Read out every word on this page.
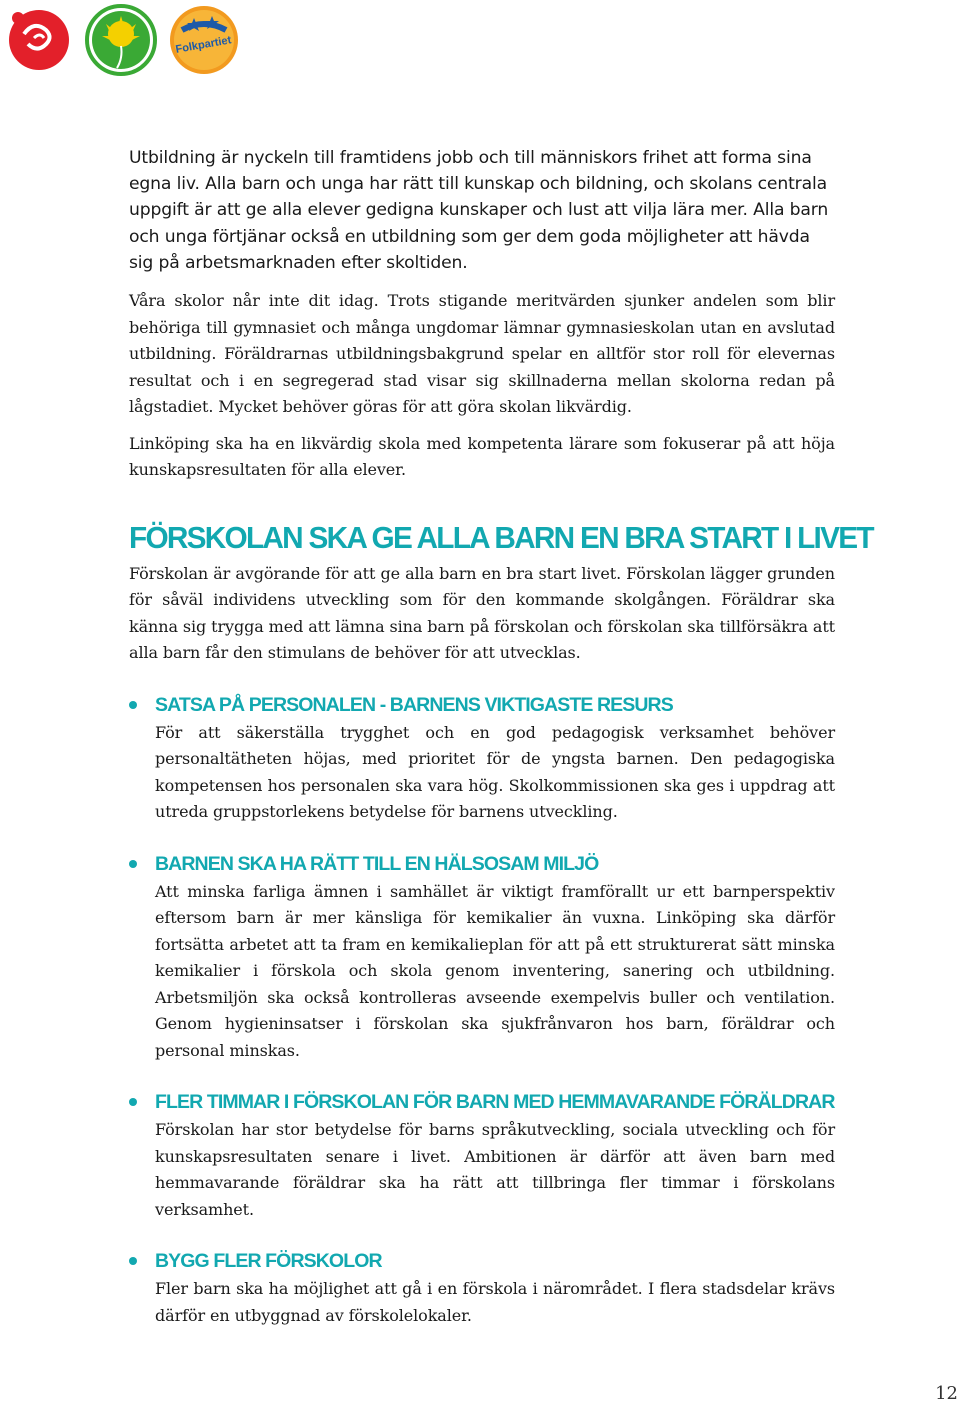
Folkpartiet

Utbildning är nyckeln till framtidens jobb och till människors frihet att forma sina egna liv. Alla barn och unga har rätt till kunskap och bildning, och skolans centrala uppgift är att ge alla elever gedigna kunskaper och lust att vilja lära mer. Alla barn och unga förtjänar också en utbildning som ger dem goda möjligheter att hävda sig på arbetsmarknaden efter skoltiden.

Våra skolor når inte dit idag. Trots stigande meritvärden sjunker andelen som blir behöriga till gymnasiet och många ungdomar lämnar gymnasieskolan utan en avslutad utbildning. Föräldrarnas utbildningsbakgrund spelar en alltför stor roll för elevernas resultat och i en segregerad stad visar sig skillnaderna mellan skolorna redan på lågstadiet. Mycket behöver göras för att göra skolan likvärdig.

Linköping ska ha en likvärdig skola med kompetenta lärare som fokuserar på att höja kunskapsresultaten för alla elever.

FÖRSKOLAN SKA GE ALLA BARN EN BRA START I LIVET

Förskolan är avgörande för att ge alla barn en bra start livet. Förskolan lägger grunden för såväl individens utveckling som för den kommande skolgången. Föräldrar ska känna sig trygga med att lämna sina barn på förskolan och förskolan ska tillförsäkra att alla barn får den stimulans de behöver för att utvecklas.

SATSA PÅ PERSONALEN - BARNENS VIKTIGASTE RESURS

För att säkerställa trygghet och en god pedagogisk verksamhet behöver personaltätheten höjas, med prioritet för de yngsta barnen. Den pedagogiska kompetensen hos personalen ska vara hög. Skolkommissionen ska ges i uppdrag att utreda gruppstorlekens betydelse för barnens utveckling.

BARNEN SKA HA RÄTT TILL EN HÄLSOSAM MILJÖ

Att minska farliga ämnen i samhället är viktigt framförallt ur ett barnperspektiv eftersom barn är mer känsliga för kemikalier än vuxna. Linköping ska därför fortsätta arbetet att ta fram en kemikalieplan för att på ett strukturerat sätt minska kemikalier i förskola och skola genom inventering, sanering och utbildning. Arbetsmiljön ska också kontrolleras avseende exempelvis buller och ventilation. Genom hygieninsatser i förskolan ska sjukfrånvaron hos barn, föräldrar och personal minskas.

FLER TIMMAR I FÖRSKOLAN FÖR BARN MED HEMMAVARANDE FÖRÄLDRAR

Förskolan har stor betydelse för barns språkutveckling, sociala utveckling och för kunskapsresultaten senare i livet. Ambitionen är därför att även barn med hemmavarande föräldrar ska ha rätt att tillbringa fler timmar i förskolans verksamhet.

BYGG FLER FÖRSKOLOR

Fler barn ska ha möjlighet att gå i en förskola i närområdet. I flera stadsdelar krävs därför en utbyggnad av förskolelokaler.

12
